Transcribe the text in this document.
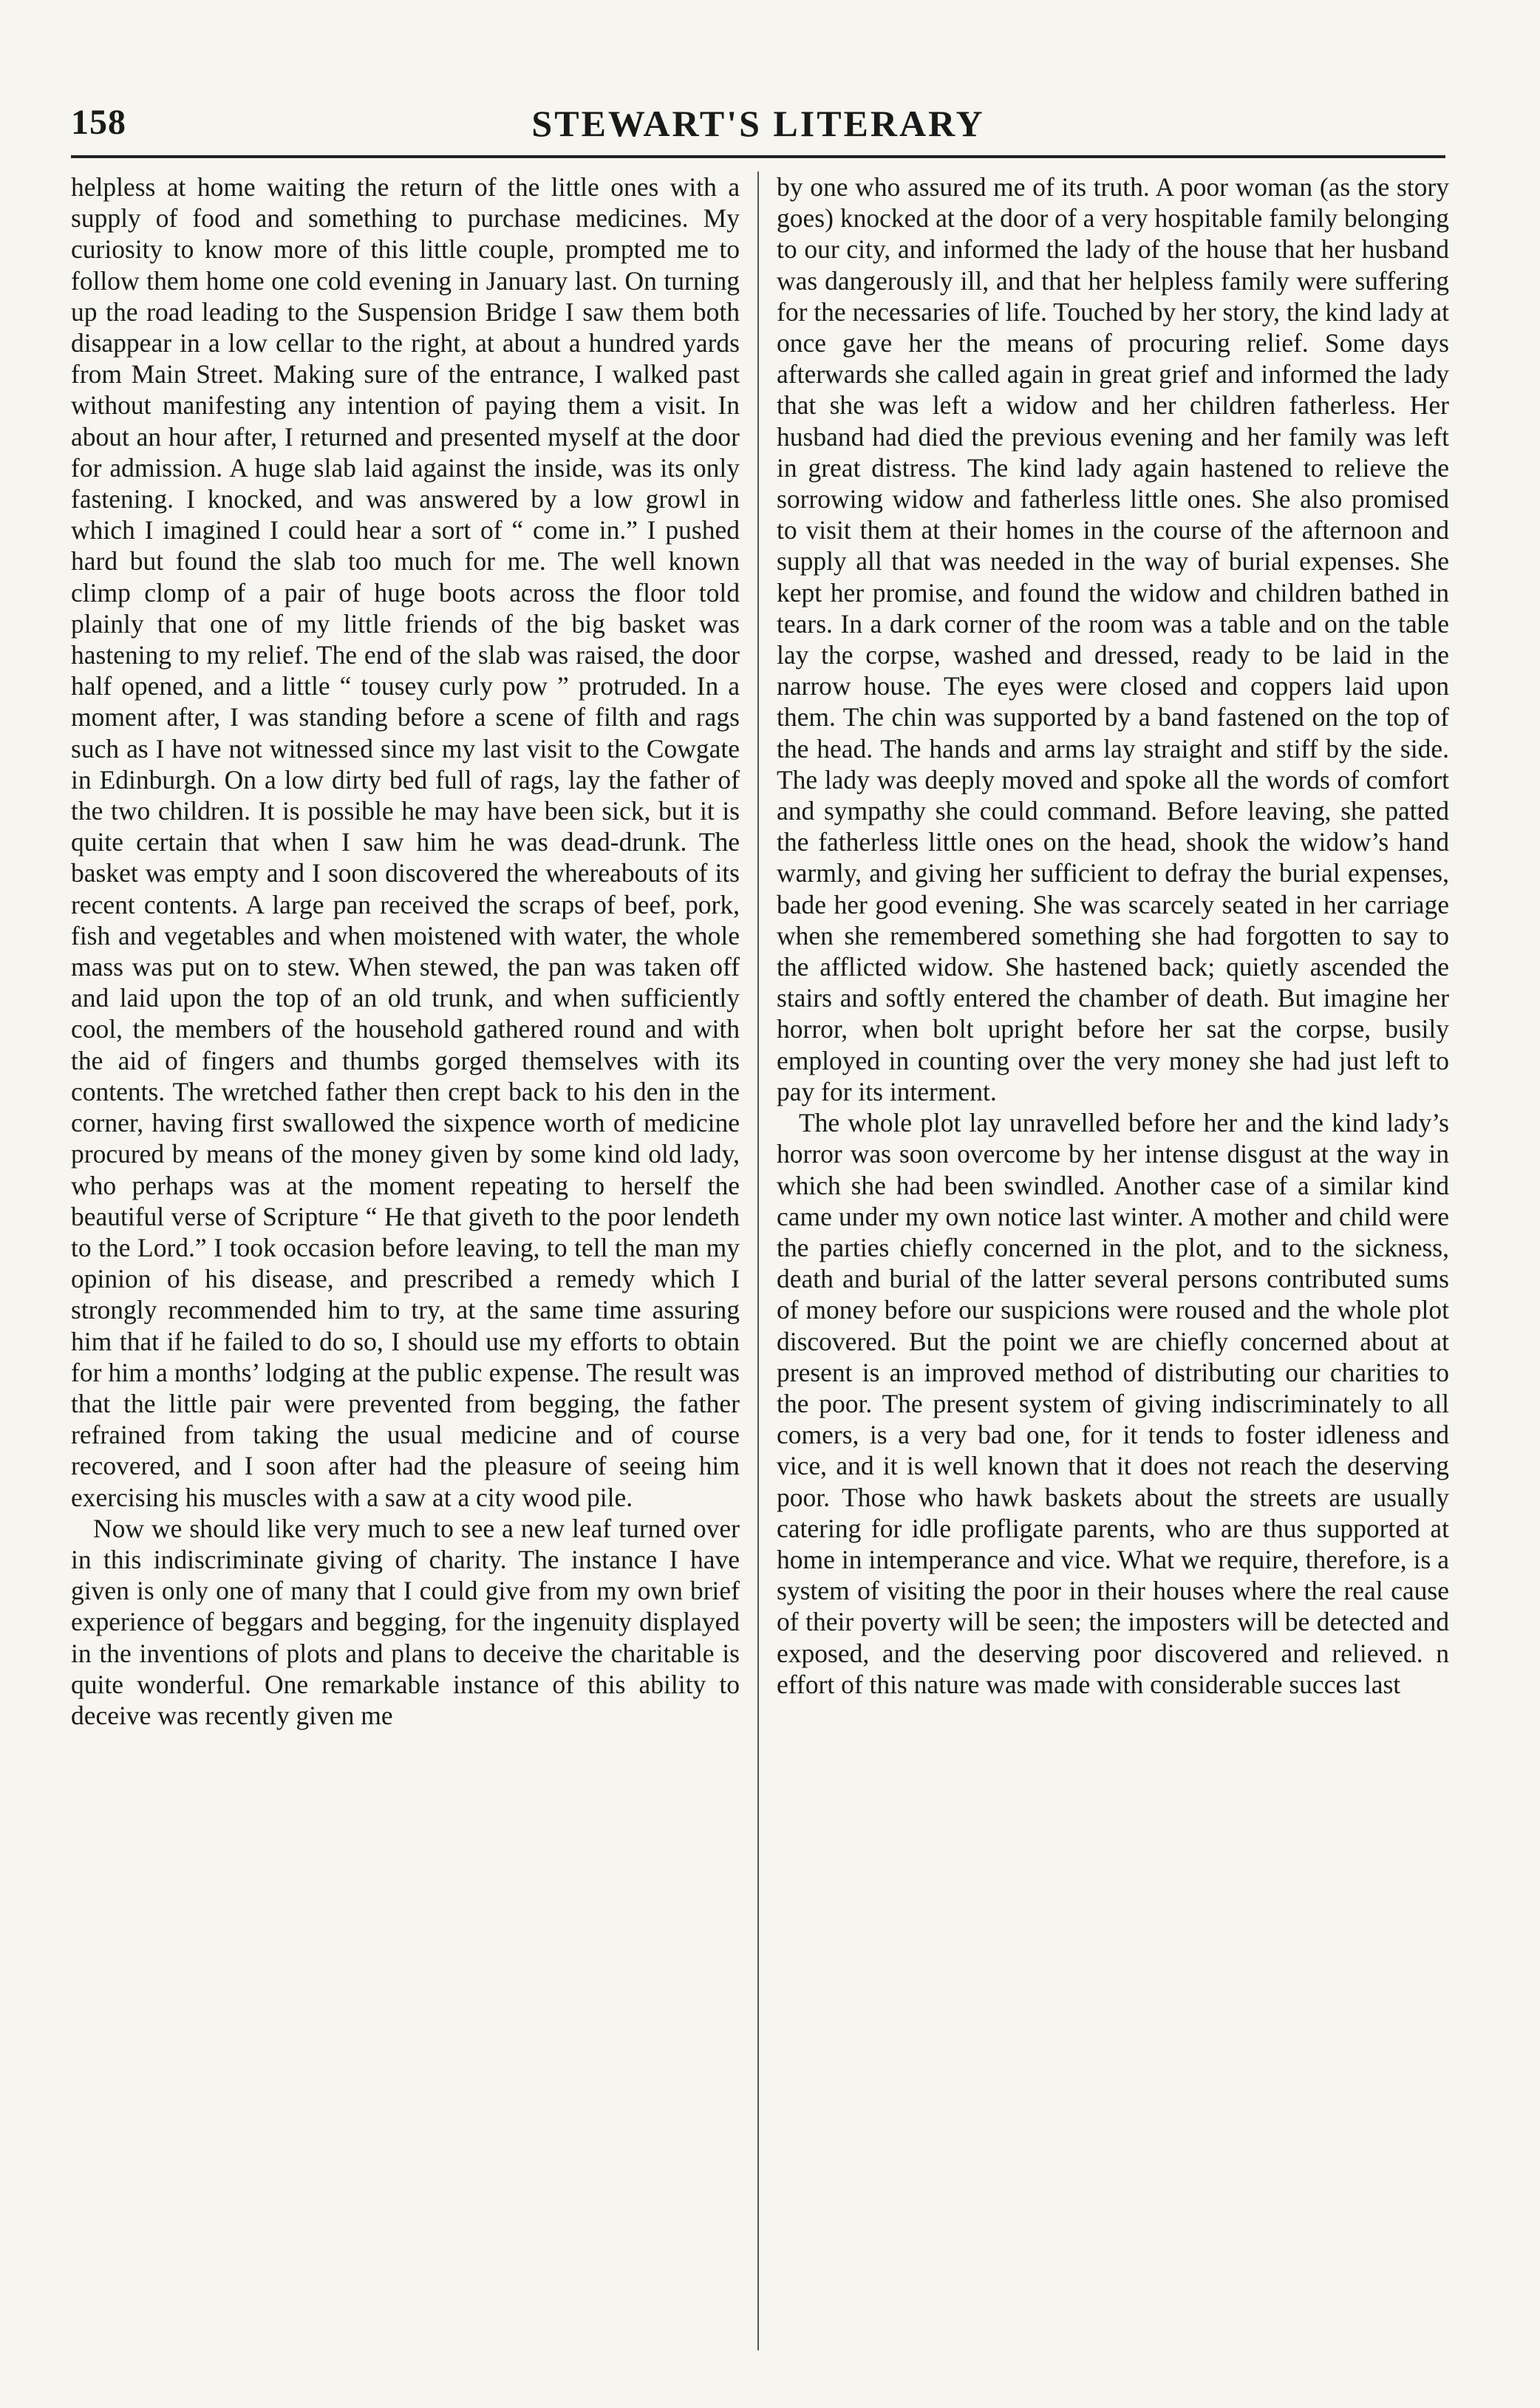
158	STEWART'S LITERARY

helpless at home waiting the return of the little ones with a supply of food and something to purchase medicines. My curiosity to know more of this little couple, prompted me to follow them home one cold evening in January last. On turning up the road leading to the Suspension Bridge I saw them both disappear in a low cellar to the right, at about a hundred yards from Main Street. Making sure of the entrance, I walked past without manifesting any intention of paying them a visit. In about an hour after, I returned and presented myself at the door for admission. A huge slab laid against the inside, was its only fastening. I knocked, and was answered by a low growl in which I imagined I could hear a sort of “ come in.” I pushed hard but found the slab too much for me. The well known climp clomp of a pair of huge boots across the floor told plainly that one of my little friends of the big basket was hastening to my relief. The end of the slab was raised, the door half opened, and a little “ tousey curly pow ” protruded. In a moment after, I was standing before a scene of filth and rags such as I have not witnessed since my last visit to the Cowgate in Edinburgh. On a low dirty bed full of rags, lay the father of the two children. It is possible he may have been sick, but it is quite certain that when I saw him he was dead-drunk. The basket was empty and I soon discovered the whereabouts of its recent contents. A large pan received the scraps of beef, pork, fish and vegetables and when moistened with water, the whole mass was put on to stew. When stewed, the pan was taken off and laid upon the top of an old trunk, and when sufficiently cool, the members of the household gathered round and with the aid of fingers and thumbs gorged themselves with its contents. The wretched father then crept back to his den in the corner, having first swallowed the sixpence worth of medicine procured by means of the money given by some kind old lady, who perhaps was at the moment repeating to herself the beautiful verse of Scripture “ He that giveth to the poor lendeth to the Lord.” I took occasion before leaving, to tell the man my opinion of his disease, and prescribed a remedy which I strongly recommended him to try, at the same time assuring him that if he failed to do so, I should use my efforts to obtain for him a months’ lodging at the public expense. The result was that the little pair were prevented from begging, the father refrained from taking the usual medicine and of course recovered, and I soon after had the pleasure of seeing him exercising his muscles with a saw at a city wood pile.

Now we should like very much to see a new leaf turned over in this indiscriminate giving of charity. The instance I have given is only one of many that I could give from my own brief experience of beggars and begging, for the ingenuity displayed in the inventions of plots and plans to deceive the charitable is quite wonderful. One remarkable instance of this ability to deceive was recently given me

by one who assured me of its truth. A poor woman (as the story goes) knocked at the door of a very hospitable family belonging to our city, and informed the lady of the house that her husband was dangerously ill, and that her helpless family were suffering for the necessaries of life. Touched by her story, the kind lady at once gave her the means of procuring relief. Some days afterwards she called again in great grief and informed the lady that she was left a widow and her children fatherless. Her husband had died the previous evening and her family was left in great distress. The kind lady again hastened to relieve the sorrowing widow and fatherless little ones. She also promised to visit them at their homes in the course of the afternoon and supply all that was needed in the way of burial expenses. She kept her promise, and found the widow and children bathed in tears. In a dark corner of the room was a table and on the table lay the corpse, washed and dressed, ready to be laid in the narrow house. The eyes were closed and coppers laid upon them. The chin was supported by a band fastened on the top of the head. The hands and arms lay straight and stiff by the side. The lady was deeply moved and spoke all the words of comfort and sympathy she could command. Before leaving, she patted the fatherless little ones on the head, shook the widow’s hand warmly, and giving her sufficient to defray the burial expenses, bade her good evening. She was scarcely seated in her carriage when she remembered something she had forgotten to say to the afflicted widow. She hastened back; quietly ascended the stairs and softly entered the chamber of death. But imagine her horror, when bolt upright before her sat the corpse, busily employed in counting over the very money she had just left to pay for its interment.

The whole plot lay unravelled before her and the kind lady’s horror was soon overcome by her intense disgust at the way in which she had been swindled. Another case of a similar kind came under my own notice last winter. A mother and child were the parties chiefly concerned in the plot, and to the sickness, death and burial of the latter several persons contributed sums of money before our suspicions were roused and the whole plot discovered. But the point we are chiefly concerned about at present is an improved method of distributing our charities to the poor. The present system of giving indiscriminately to all comers, is a very bad one, for it tends to foster idleness and vice, and it is well known that it does not reach the deserving poor. Those who hawk baskets about the streets are usually catering for idle profligate parents, who are thus supported at home in intemperance and vice. What we require, therefore, is a system of visiting the poor in their houses where the real cause of their poverty will be seen; the imposters will be detected and exposed, and the deserving poor discovered and relieved. n effort of this nature was made with considerable succes last
